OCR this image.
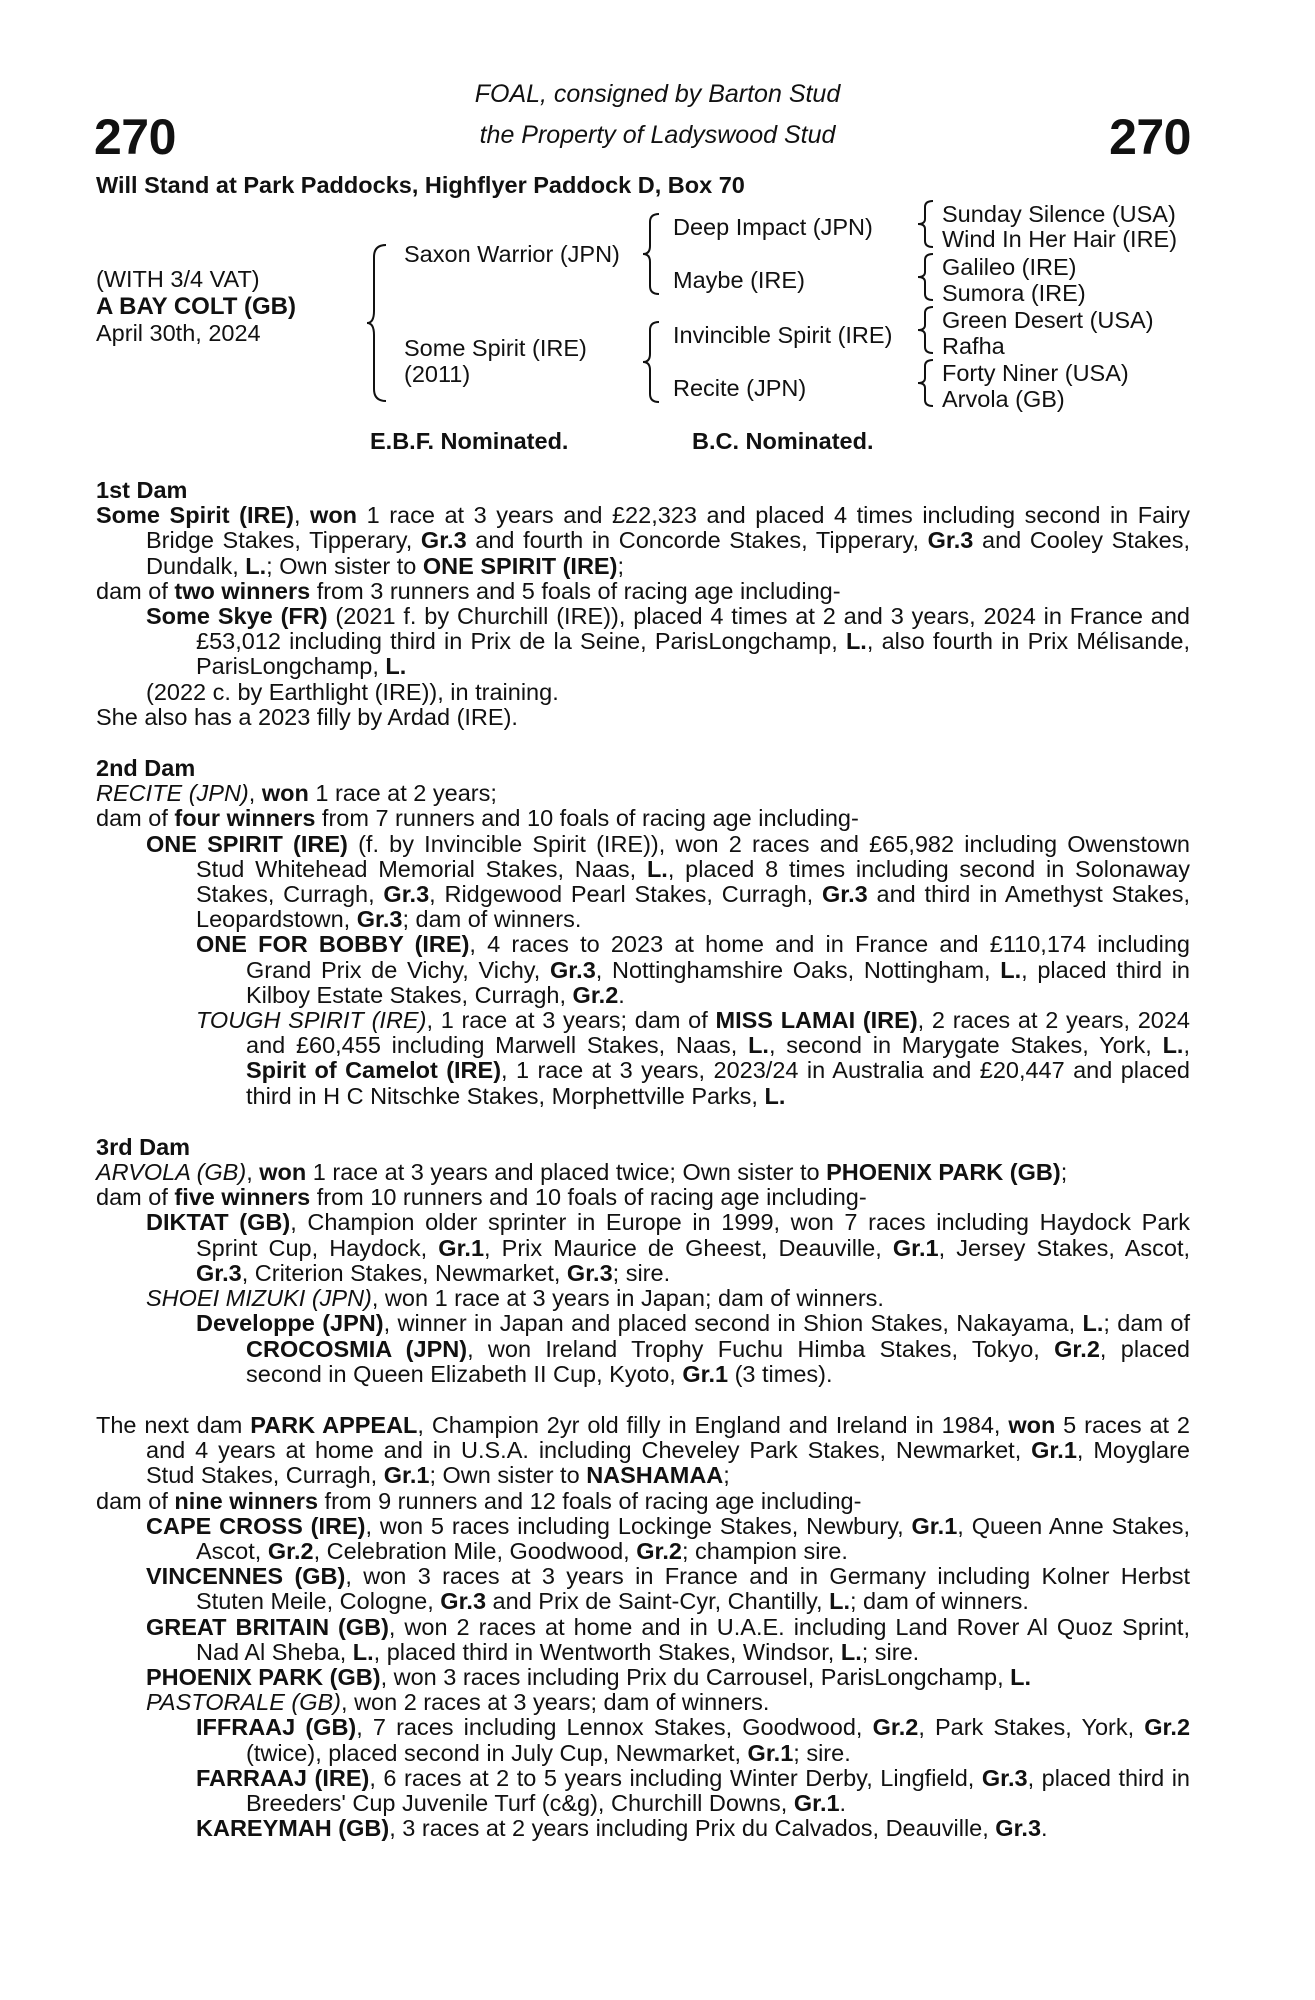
270	270
FOAL, consigned by Barton Stud
the Property of Ladyswood Stud
Will Stand at Park Paddocks, Highflyer Paddock D, Box 70
(WITH 3/4 VAT)
A BAY COLT (GB)
April 30th, 2024
Saxon Warrior (JPN)
Some Spirit (IRE)
(2011)
Deep Impact (JPN)
Maybe (IRE)
Invincible Spirit (IRE)
Recite (JPN)
Sunday Silence (USA)
Wind In Her Hair (IRE)
Galileo (IRE)
Sumora (IRE)
Green Desert (USA)
Rafha
Forty Niner (USA)
Arvola (GB)
E.B.F. Nominated.	B.C. Nominated.

1st Dam

Some Spirit (IRE), won 1 race at 3 years and £22,323 and placed 4 times including second in Fairy Bridge Stakes, Tipperary, Gr.3 and fourth in Concorde Stakes, Tipperary, Gr.3 and Cooley Stakes, Dundalk, L.; Own sister to ONE SPIRIT (IRE);

dam of two winners from 3 runners and 5 foals of racing age including-

Some Skye (FR) (2021 f. by Churchill (IRE)), placed 4 times at 2 and 3 years, 2024 in France and £53,012 including third in Prix de la Seine, ParisLongchamp, L., also fourth in Prix Mélisande, ParisLongchamp, L.

(2022 c. by Earthlight (IRE)), in training.

She also has a 2023 filly by Ardad (IRE).

2nd Dam

RECITE (JPN), won 1 race at 2 years;

dam of four winners from 7 runners and 10 foals of racing age including-

ONE SPIRIT (IRE) (f. by Invincible Spirit (IRE)), won 2 races and £65,982 including Owenstown Stud Whitehead Memorial Stakes, Naas, L., placed 8 times including second in Solonaway Stakes, Curragh, Gr.3, Ridgewood Pearl Stakes, Curragh, Gr.3 and third in Amethyst Stakes, Leopardstown, Gr.3; dam of winners.

ONE FOR BOBBY (IRE), 4 races to 2023 at home and in France and £110,174 including Grand Prix de Vichy, Vichy, Gr.3, Nottinghamshire Oaks, Nottingham, L., placed third in Kilboy Estate Stakes, Curragh, Gr.2.

TOUGH SPIRIT (IRE), 1 race at 3 years; dam of MISS LAMAI (IRE), 2 races at 2 years, 2024 and £60,455 including Marwell Stakes, Naas, L., second in Marygate Stakes, York, L., Spirit of Camelot (IRE), 1 race at 3 years, 2023/24 in Australia and £20,447 and placed third in H C Nitschke Stakes, Morphettville Parks, L.

3rd Dam

ARVOLA (GB), won 1 race at 3 years and placed twice; Own sister to PHOENIX PARK (GB);

dam of five winners from 10 runners and 10 foals of racing age including-

DIKTAT (GB), Champion older sprinter in Europe in 1999, won 7 races including Haydock Park Sprint Cup, Haydock, Gr.1, Prix Maurice de Gheest, Deauville, Gr.1, Jersey Stakes, Ascot, Gr.3, Criterion Stakes, Newmarket, Gr.3; sire.

SHOEI MIZUKI (JPN), won 1 race at 3 years in Japan; dam of winners.

Developpe (JPN), winner in Japan and placed second in Shion Stakes, Nakayama, L.; dam of CROCOSMIA (JPN), won Ireland Trophy Fuchu Himba Stakes, Tokyo, Gr.2, placed second in Queen Elizabeth II Cup, Kyoto, Gr.1 (3 times).

The next dam PARK APPEAL, Champion 2yr old filly in England and Ireland in 1984, won 5 races at 2 and 4 years at home and in U.S.A. including Cheveley Park Stakes, Newmarket, Gr.1, Moyglare Stud Stakes, Curragh, Gr.1; Own sister to NASHAMAA;

dam of nine winners from 9 runners and 12 foals of racing age including-

CAPE CROSS (IRE), won 5 races including Lockinge Stakes, Newbury, Gr.1, Queen Anne Stakes, Ascot, Gr.2, Celebration Mile, Goodwood, Gr.2; champion sire.

VINCENNES (GB), won 3 races at 3 years in France and in Germany including Kolner Herbst Stuten Meile, Cologne, Gr.3 and Prix de Saint-Cyr, Chantilly, L.; dam of winners.

GREAT BRITAIN (GB), won 2 races at home and in U.A.E. including Land Rover Al Quoz Sprint, Nad Al Sheba, L., placed third in Wentworth Stakes, Windsor, L.; sire.

PHOENIX PARK (GB), won 3 races including Prix du Carrousel, ParisLongchamp, L.

PASTORALE (GB), won 2 races at 3 years; dam of winners.

IFFRAAJ (GB), 7 races including Lennox Stakes, Goodwood, Gr.2, Park Stakes, York, Gr.2 (twice), placed second in July Cup, Newmarket, Gr.1; sire.

FARRAAJ (IRE), 6 races at 2 to 5 years including Winter Derby, Lingfield, Gr.3, placed third in Breeders' Cup Juvenile Turf (c&g), Churchill Downs, Gr.1.

KAREYMAH (GB), 3 races at 2 years including Prix du Calvados, Deauville, Gr.3.
